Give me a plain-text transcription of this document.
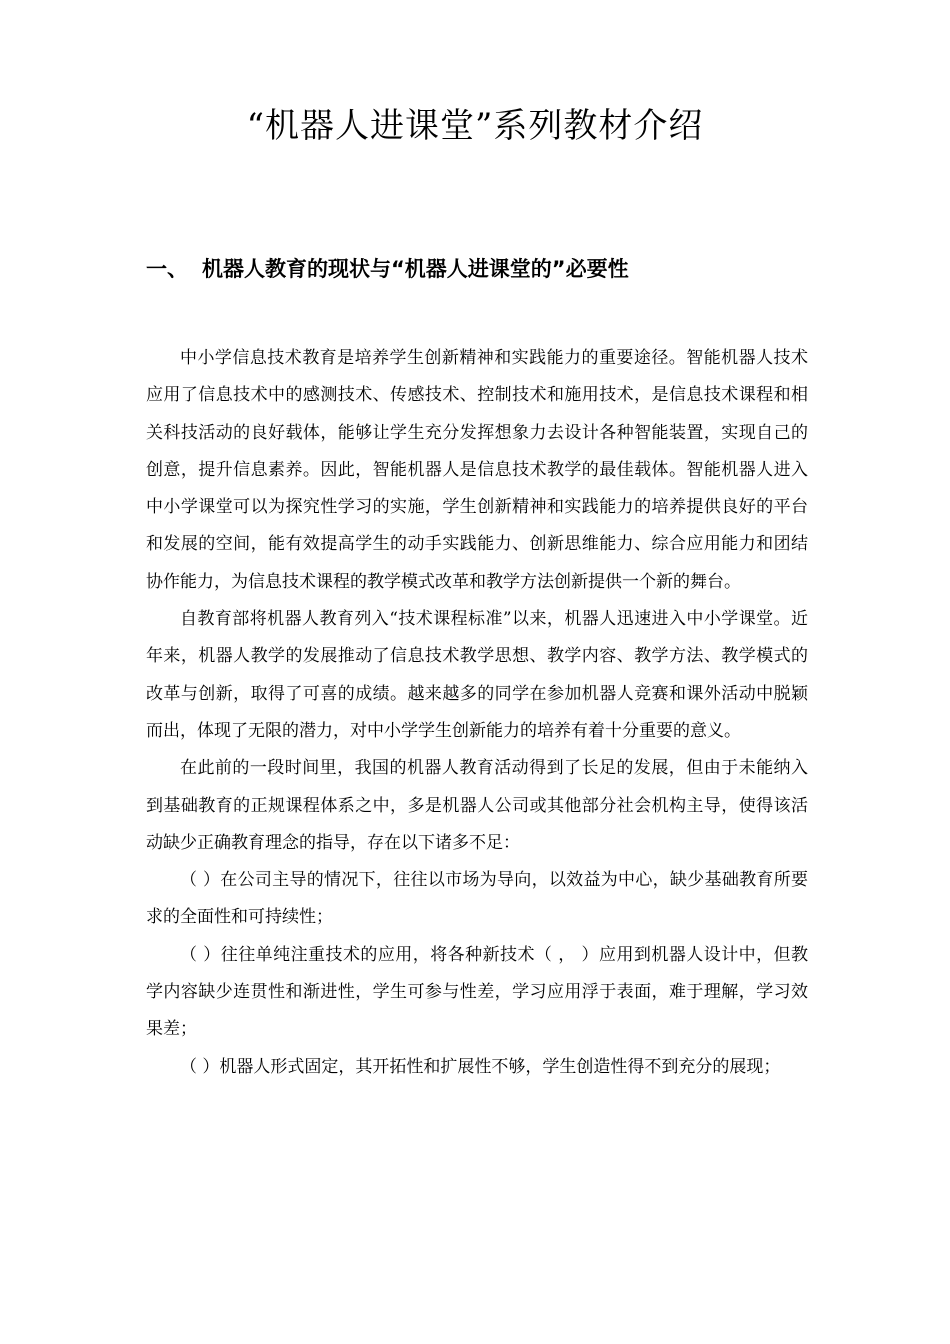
“机器人进课堂”系列教材介绍
一、 机器人教育的现状与“机器人进课堂的”必要性

中小学信息技术教育是培养学生创新精神和实践能力的重要途径。智能机器人技术应用了信息技术中的感测技术、传感技术、控制技术和施用技术，是信息技术课程和相关科技活动的良好载体，能够让学生充分发挥想象力去设计各种智能装置，实现自己的创意，提升信息素养。因此，智能机器人是信息技术教学的最佳载体。智能机器人进入中小学课堂可以为探究性学习的实施，学生创新精神和实践能力的培养提供良好的平台和发展的空间，能有效提高学生的动手实践能力、创新思维能力、综合应用能力和团结协作能力，为信息技术课程的教学模式改革和教学方法创新提供一个新的舞台。

自教育部将机器人教育列入“技术课程标准”以来，机器人迅速进入中小学课堂。近年来，机器人教学的发展推动了信息技术教学思想、教学内容、教学方法、教学模式的改革与创新，取得了可喜的成绩。越来越多的同学在参加机器人竞赛和课外活动中脱颖而出，体现了无限的潜力，对中小学学生创新能力的培养有着十分重要的意义。

在此前的一段时间里，我国的机器人教育活动得到了长足的发展，但由于未能纳入到基础教育的正规课程体系之中，多是机器人公司或其他部分社会机构主导，使得该活动缺少正确教育理念的指导，存在以下诸多不足：

（ ）在公司主导的情况下，往往以市场为导向，以效益为中心，缺少基础教育所要求的全面性和可持续性；

（ ）往往单纯注重技术的应用，将各种新技术（ ， ）应用到机器人设计中，但教学内容缺少连贯性和渐进性，学生可参与性差，学习应用浮于表面，难于理解，学习效果差；

（ ）机器人形式固定，其开拓性和扩展性不够，学生创造性得不到充分的展现；
